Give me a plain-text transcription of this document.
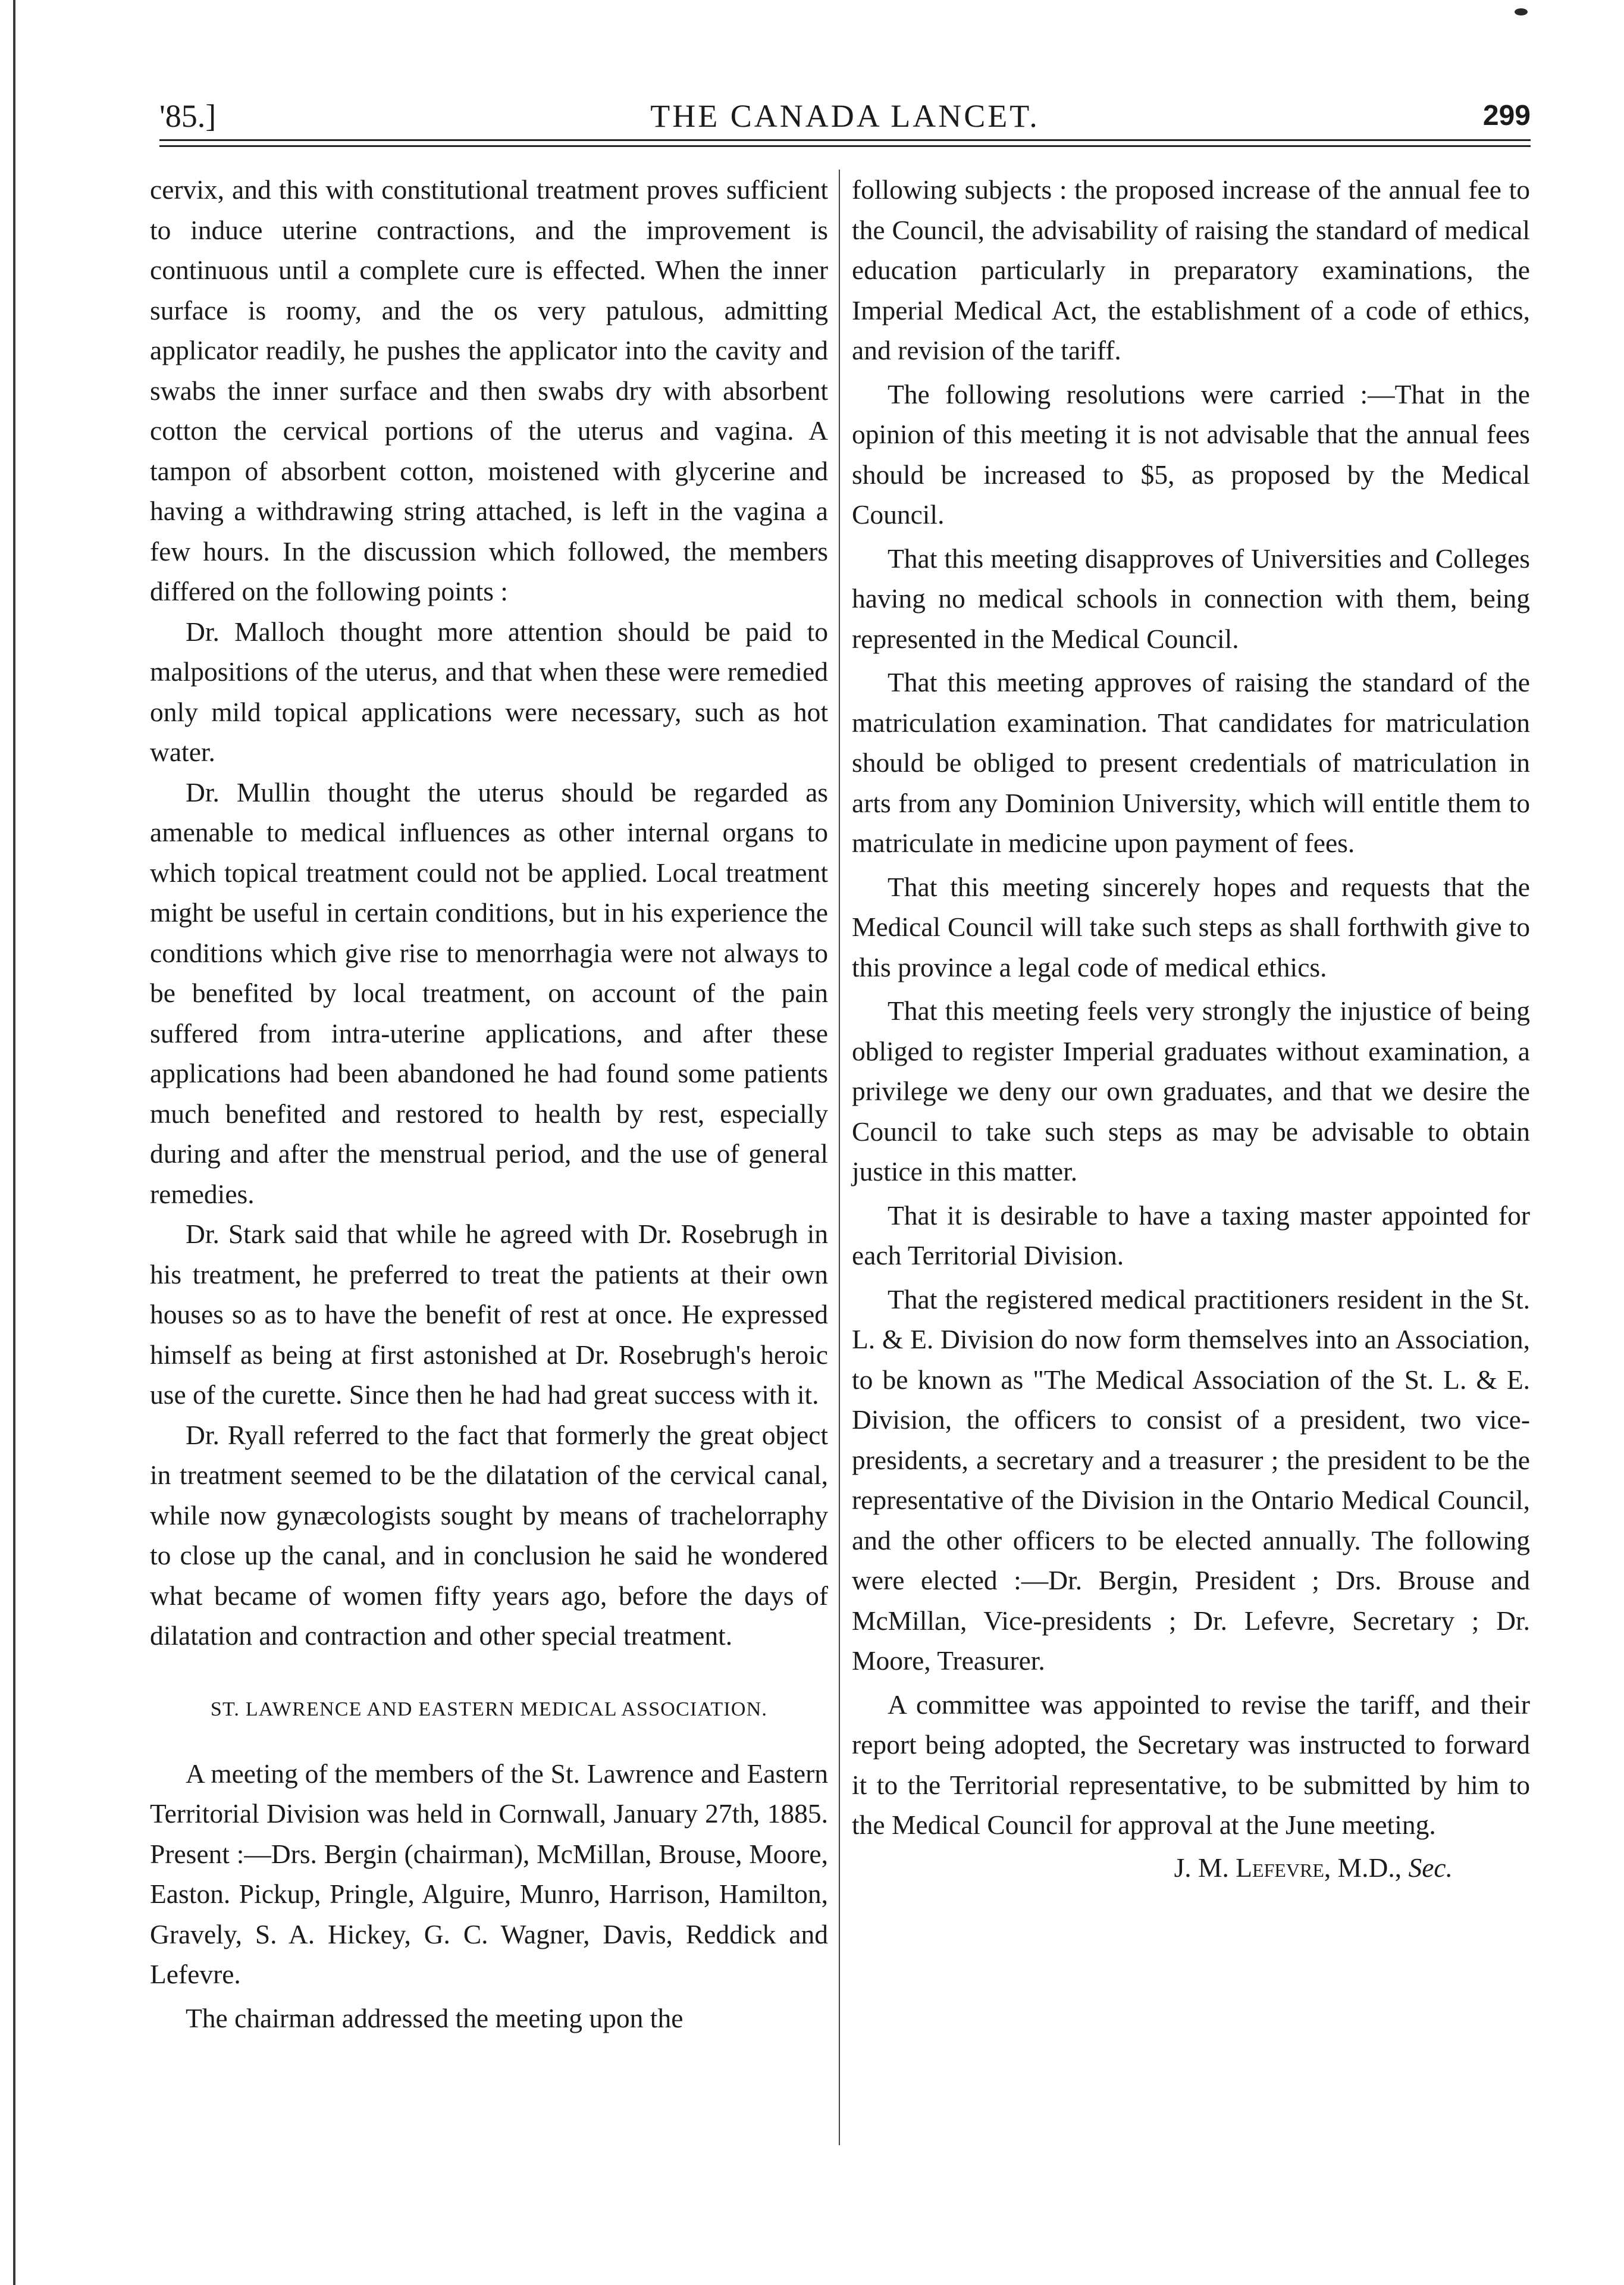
'85.]	THE CANADA LANCET.	299

cervix, and this with constitutional treatment proves sufficient to induce uterine contractions, and the improvement is continuous until a complete cure is effected. When the inner surface is roomy, and the os very patulous, admitting applicator readily, he pushes the applicator into the cavity and swabs the inner surface and then swabs dry with absorbent cotton the cervical portions of the uterus and vagina. A tampon of absorbent cotton, moistened with glycerine and having a withdrawing string attached, is left in the vagina a few hours. In the discussion which followed, the members differed on the following points :

Dr. Malloch thought more attention should be paid to malpositions of the uterus, and that when these were remedied only mild topical applications were necessary, such as hot water.

Dr. Mullin thought the uterus should be regarded as amenable to medical influences as other internal organs to which topical treatment could not be applied. Local treatment might be useful in certain conditions, but in his experience the conditions which give rise to menorrhagia were not always to be benefited by local treatment, on account of the pain suffered from intra-uterine applications, and after these applications had been abandoned he had found some patients much benefited and restored to health by rest, especially during and after the menstrual period, and the use of general remedies.

Dr. Stark said that while he agreed with Dr. Rosebrugh in his treatment, he preferred to treat the patients at their own houses so as to have the benefit of rest at once. He expressed himself as being at first astonished at Dr. Rosebrugh's heroic use of the curette. Since then he had had great success with it.

Dr. Ryall referred to the fact that formerly the great object in treatment seemed to be the dilatation of the cervical canal, while now gynæcologists sought by means of trachelorraphy to close up the canal, and in conclusion he said he wondered what became of women fifty years ago, before the days of dilatation and contraction and other special treatment.

ST. LAWRENCE AND EASTERN MEDICAL ASSOCIATION.

A meeting of the members of the St. Lawrence and Eastern Territorial Division was held in Cornwall, January 27th, 1885. Present :—Drs. Bergin (chairman), McMillan, Brouse, Moore, Easton. Pickup, Pringle, Alguire, Munro, Harrison, Hamilton, Gravely, S. A. Hickey, G. C. Wagner, Davis, Reddick and Lefevre.

The chairman addressed the meeting upon the

following subjects : the proposed increase of the annual fee to the Council, the advisability of raising the standard of medical education particularly in preparatory examinations, the Imperial Medical Act, the establishment of a code of ethics, and revision of the tariff.

The following resolutions were carried :—That in the opinion of this meeting it is not advisable that the annual fees should be increased to $5, as proposed by the Medical Council.

That this meeting disapproves of Universities and Colleges having no medical schools in connection with them, being represented in the Medical Council.

That this meeting approves of raising the standard of the matriculation examination. That candidates for matriculation should be obliged to present credentials of matriculation in arts from any Dominion University, which will entitle them to matriculate in medicine upon payment of fees.

That this meeting sincerely hopes and requests that the Medical Council will take such steps as shall forthwith give to this province a legal code of medical ethics.

That this meeting feels very strongly the injustice of being obliged to register Imperial graduates without examination, a privilege we deny our own graduates, and that we desire the Council to take such steps as may be advisable to obtain justice in this matter.

That it is desirable to have a taxing master appointed for each Territorial Division.

That the registered medical practitioners resident in the St. L. & E. Division do now form themselves into an Association, to be known as "The Medical Association of the St. L. & E. Division, the officers to consist of a president, two vice-presidents, a secretary and a treasurer ; the president to be the representative of the Division in the Ontario Medical Council, and the other officers to be elected annually. The following were elected :—Dr. Bergin, President ; Drs. Brouse and McMillan, Vice-presidents ; Dr. Lefevre, Secretary ; Dr. Moore, Treasurer.

A committee was appointed to revise the tariff, and their report being adopted, the Secretary was instructed to forward it to the Territorial representative, to be submitted by him to the Medical Council for approval at the June meeting.

J. M. Lefevre, M.D., Sec.
